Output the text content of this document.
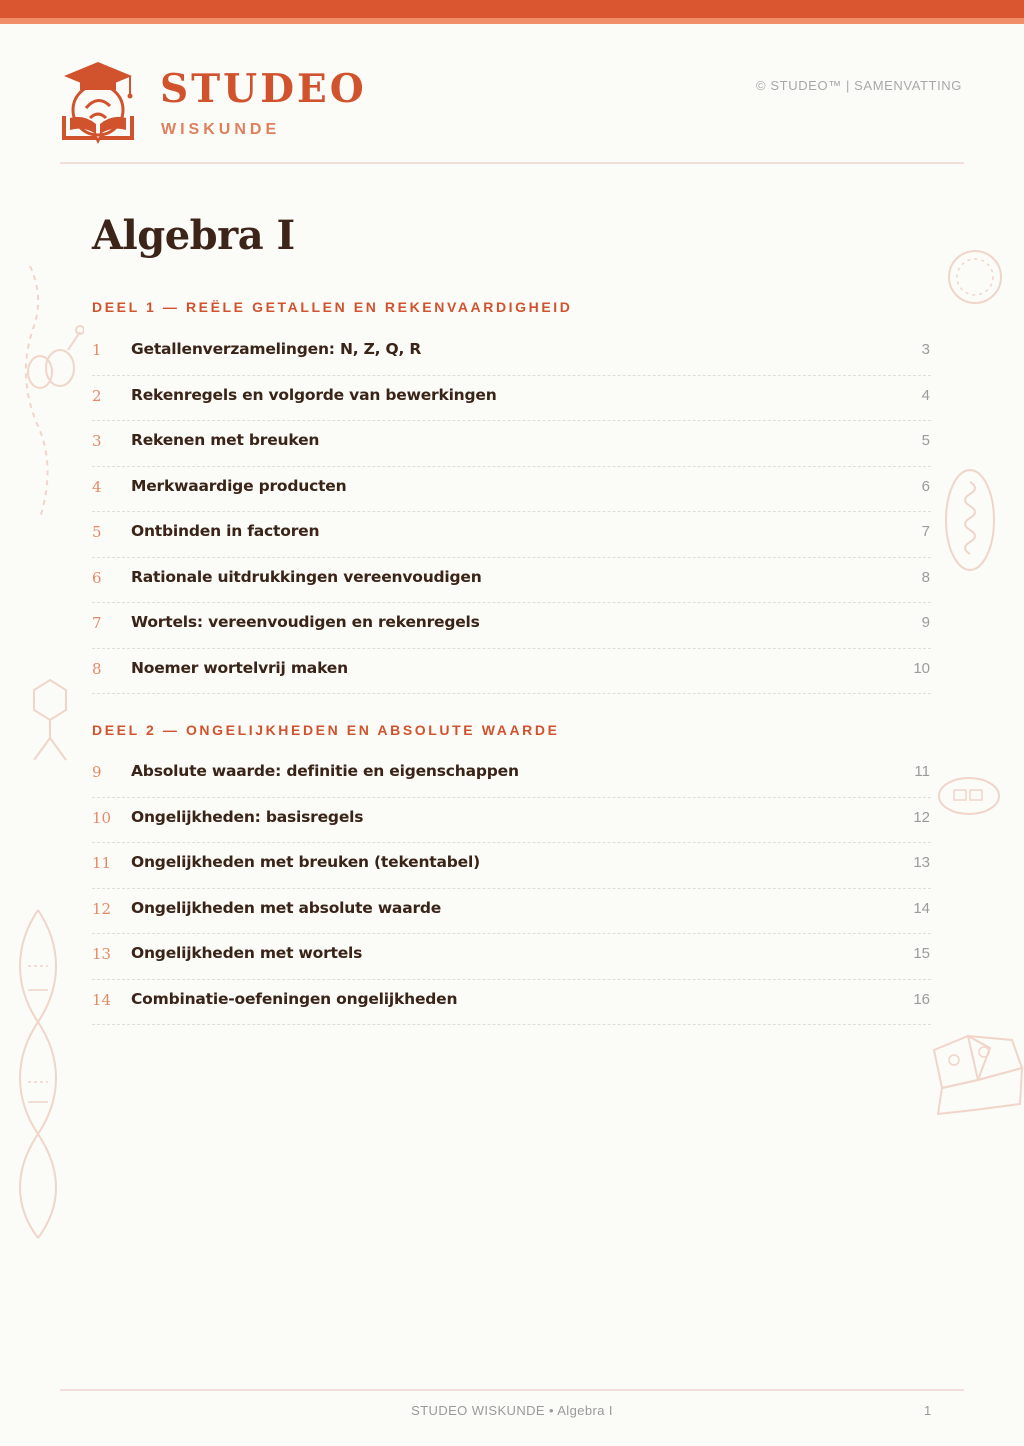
STUDEO
WISKUNDE
© STUDEO™ | SAMENVATTING
Algebra I
DEEL 1 — REËLE GETALLEN EN REKENVAARDIGHEID
1 Getallenverzamelingen: N, Z, Q, R	3
2 Rekenregels en volgorde van bewerkingen	4
3 Rekenen met breuken	5
4 Merkwaardige producten	6
5 Ontbinden in factoren	7
6 Rationale uitdrukkingen vereenvoudigen	8
7 Wortels: vereenvoudigen en rekenregels	9
8 Noemer wortelvrij maken	10
DEEL 2 — ONGELIJKHEDEN EN ABSOLUTE WAARDE
9 Absolute waarde: definitie en eigenschappen	11
10 Ongelijkheden: basisregels	12
11 Ongelijkheden met breuken (tekentabel)	13
12 Ongelijkheden met absolute waarde	14
13 Ongelijkheden met wortels	15
14 Combinatie-oefeningen ongelijkheden	16
STUDEO WISKUNDE • Algebra I	1
